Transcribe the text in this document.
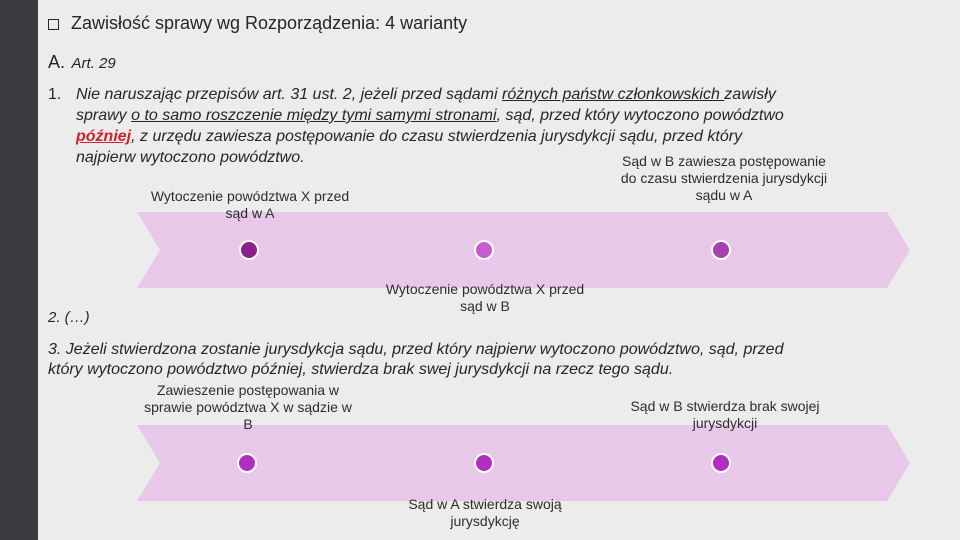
Zawisłość sprawy wg Rozporządzenia: 4 warianty
A. Art. 29
1. Nie naruszając przepisów art. 31 ust. 2, jeżeli przed sądami różnych państw członkowskich zawisły
sprawy o to samo roszczenie między tymi samymi stronami, sąd, przed który wytoczono powództwo
później, z urzędu zawiesza postępowanie do czasu stwierdzenia jurysdykcji sądu, przed który
najpierw wytoczono powództwo.
Wytoczenie powództwa X przed sąd w A
Sąd w B zawiesza postępowanie do czasu stwierdzenia jurysdykcji sądu w A
Wytoczenie powództwa X przed sąd w B
2. (…)
3. Jeżeli stwierdzona zostanie jurysdykcja sądu, przed który najpierw wytoczono powództwo, sąd, przed
który wytoczono powództwo później, stwierdza brak swej jurysdykcji na rzecz tego sądu.
Zawieszenie postępowania w sprawie powództwa X w sądzie w B
Sąd w B stwierdza brak swojej jurysdykcji
Sąd w A stwierdza swoją jurysdykcję
